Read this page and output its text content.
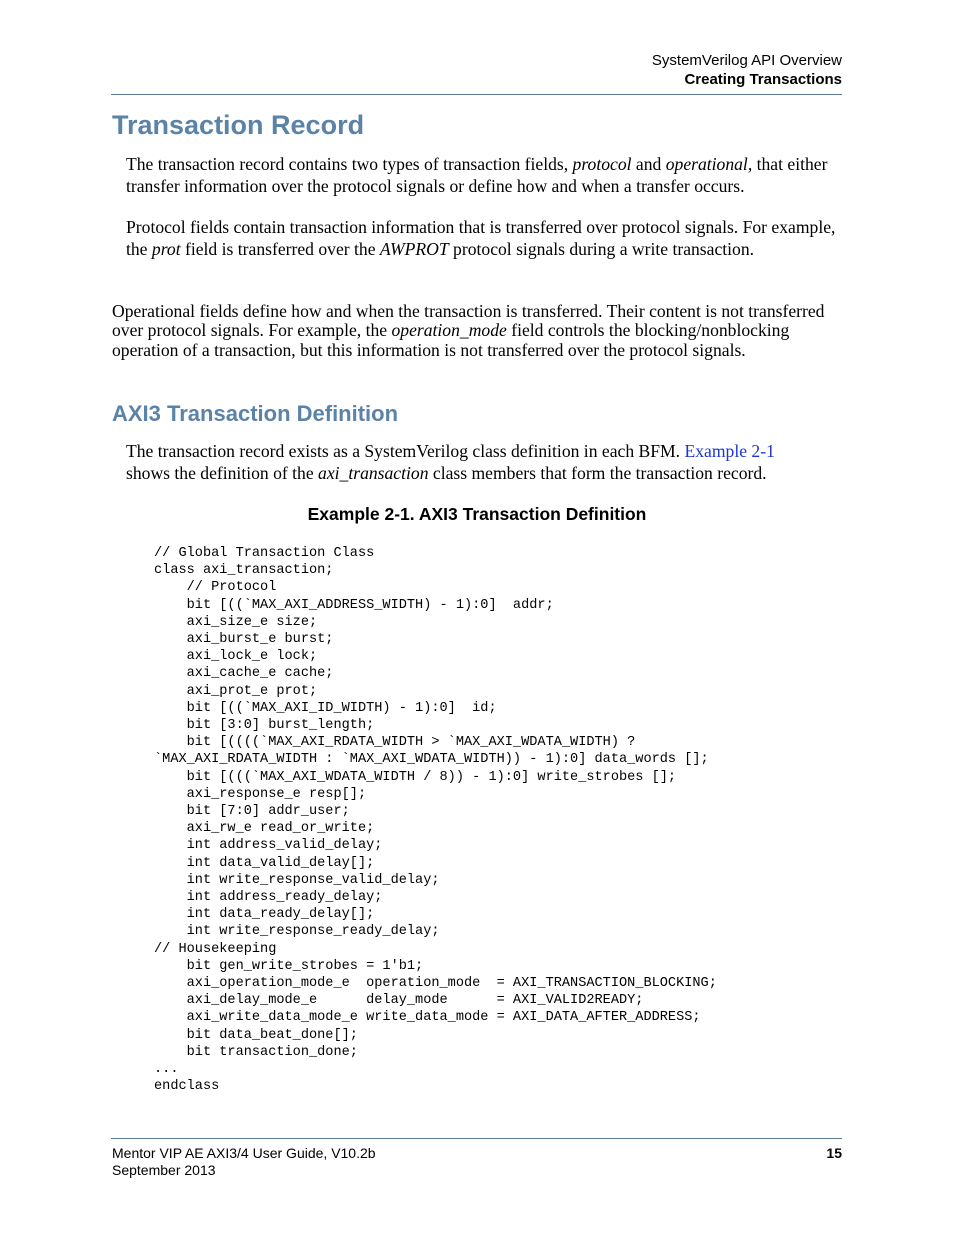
SystemVerilog API Overview
Creating Transactions
Transaction Record

The transaction record contains two types of transaction fields, protocol and operational, that either transfer information over the protocol signals or define how and when a transfer occurs.

Protocol fields contain transaction information that is transferred over protocol signals. For example, the prot field is transferred over the AWPROT protocol signals during a write transaction.

Operational fields define how and when the transaction is transferred. Their content is not transferred over protocol signals. For example, the operation_mode field controls the blocking/nonblocking operation of a transaction, but this information is not transferred over the protocol signals.

AXI3 Transaction Definition

The transaction record exists as a SystemVerilog class definition in each BFM. Example 2-1
shows the definition of the axi_transaction class members that form the transaction record.

Example 2-1. AXI3 Transaction Definition
// Global Transaction Class
class axi_transaction;
// Protocol
bit [((`MAX_AXI_ADDRESS_WIDTH) - 1):0]  addr;
axi_size_e size;
axi_burst_e burst;
axi_lock_e lock;
axi_cache_e cache;
axi_prot_e prot;
bit [((`MAX_AXI_ID_WIDTH) - 1):0]  id;
bit [3:0] burst_length;
bit [((((`MAX_AXI_RDATA_WIDTH > `MAX_AXI_WDATA_WIDTH) ?
`MAX_AXI_RDATA_WIDTH : `MAX_AXI_WDATA_WIDTH)) - 1):0] data_words [];
bit [(((`MAX_AXI_WDATA_WIDTH / 8)) - 1):0] write_strobes [];
axi_response_e resp[];
bit [7:0] addr_user;
axi_rw_e read_or_write;
int address_valid_delay;
int data_valid_delay[];
int write_response_valid_delay;
int address_ready_delay;
int data_ready_delay[];
int write_response_ready_delay;
// Housekeeping
bit gen_write_strobes = 1'b1;
axi_operation_mode_e  operation_mode  = AXI_TRANSACTION_BLOCKING;
axi_delay_mode_e      delay_mode      = AXI_VALID2READY;
axi_write_data_mode_e write_data_mode = AXI_DATA_AFTER_ADDRESS;
bit data_beat_done[];
bit transaction_done;
...
endclass
Mentor VIP AE AXI3/4 User Guide, V10.2b
September 2013
15
